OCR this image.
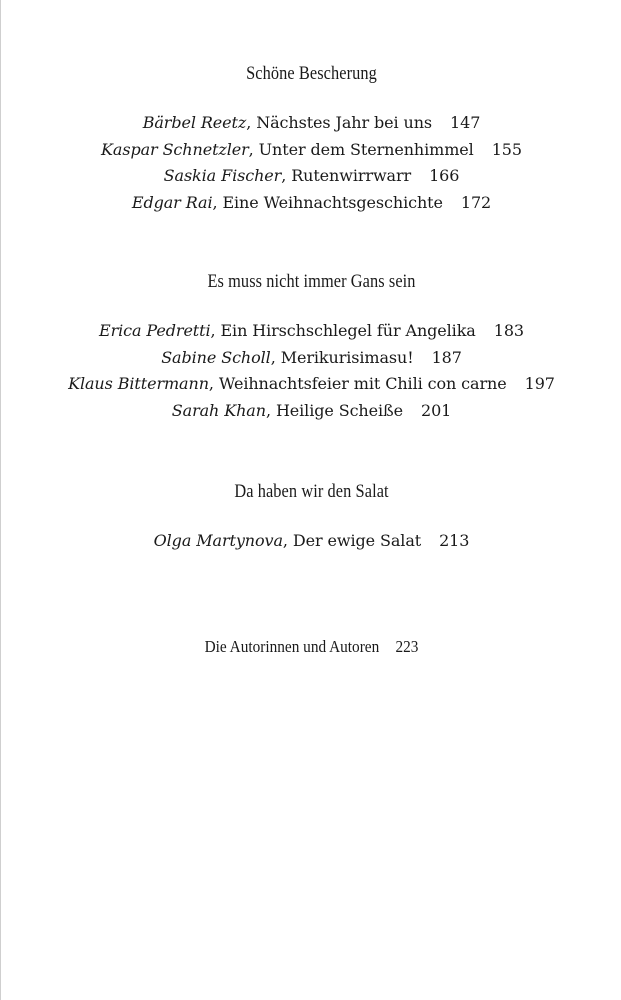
Schöne Bescherung
Bärbel Reetz, Nächstes Jahr bei uns 147
Kaspar Schnetzler, Unter dem Sternenhimmel 155
Saskia Fischer, Rutenwirrwarr 166
Edgar Rai, Eine Weihnachtsgeschichte 172
Es muss nicht immer Gans sein
Erica Pedretti, Ein Hirschschlegel für Angelika 183
Sabine Scholl, Merikurisimasu! 187
Klaus Bittermann, Weihnachtsfeier mit Chili con carne 197
Sarah Khan, Heilige Scheiße 201
Da haben wir den Salat
Olga Martynova, Der ewige Salat 213
Die Autorinnen und Autoren 223
